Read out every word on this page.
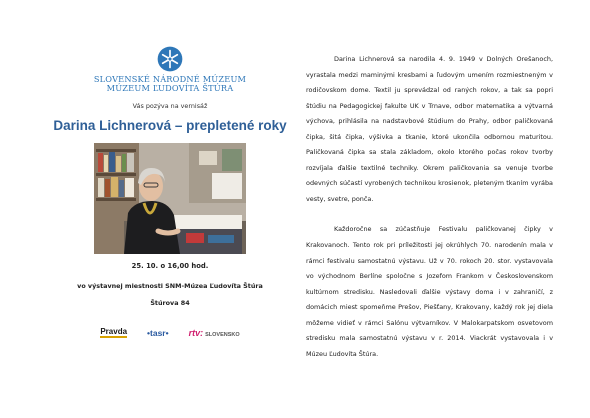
SLOVENSKÉ NÁRODNÉ MÚZEUM
MÚZEUM ĽUDOVÍTA ŠTÚRA
Vás pozýva na vernisáž
Darina Lichnerová – prepletené roky
25. 10. o 16,00 hod.
vo výstavnej miestnosti SNM-Múzea Ľudovíta Štúra
Štúrova 84
Pravda •tasr• rtv: SLOVENSKO

Darina Lichnerová sa narodila 4. 9. 1949 v Dolných Orešanoch, vyrastala medzi maminými kresbami a ľudovým umením rozmiestneným v rodičovskom dome. Textil ju sprevádzal od raných rokov, a tak sa popri štúdiu na Pedagogickej fakulte UK v Trnave, odbor matematika a výtvarná výchova, prihlásila na nadstavbové štúdium do Prahy, odbor paličkovaná čipka, šitá čipka, výšivka a tkanie, ktoré ukončila odbornou maturitou. Paličkovaná čipka sa stala základom, okolo ktorého počas rokov tvorby rozvíjala ďalšie textilné techniky. Okrem paličkovania sa venuje tvorbe odevných súčastí vyrobených technikou krosienok, pleteným tkaním vyrába vesty, svetre, ponča.

Každoročne sa zúčastňuje Festivalu paličkovanej čipky v Krakovanoch. Tento rok pri príležitosti jej okrúhlych 70. narodenín mala v rámci festivalu samostatnú výstavu. Už v 70. rokoch 20. stor. vystavovala vo východnom Berlíne spoločne s Jozefom Frankom v Československom kultúrnom stredisku. Nasledovali ďalšie výstavy doma i v zahraničí, z domácich miest spomeňme Prešov, Piešťany, Krakovany, každý rok jej diela môžeme vidieť v rámci Salónu výtvarníkov. V Malokarpatskom osvetovom stredisku mala samostatnú výstavu v r. 2014. Viackrát vystavovala i v Múzeu Ľudovíta Štúra.
